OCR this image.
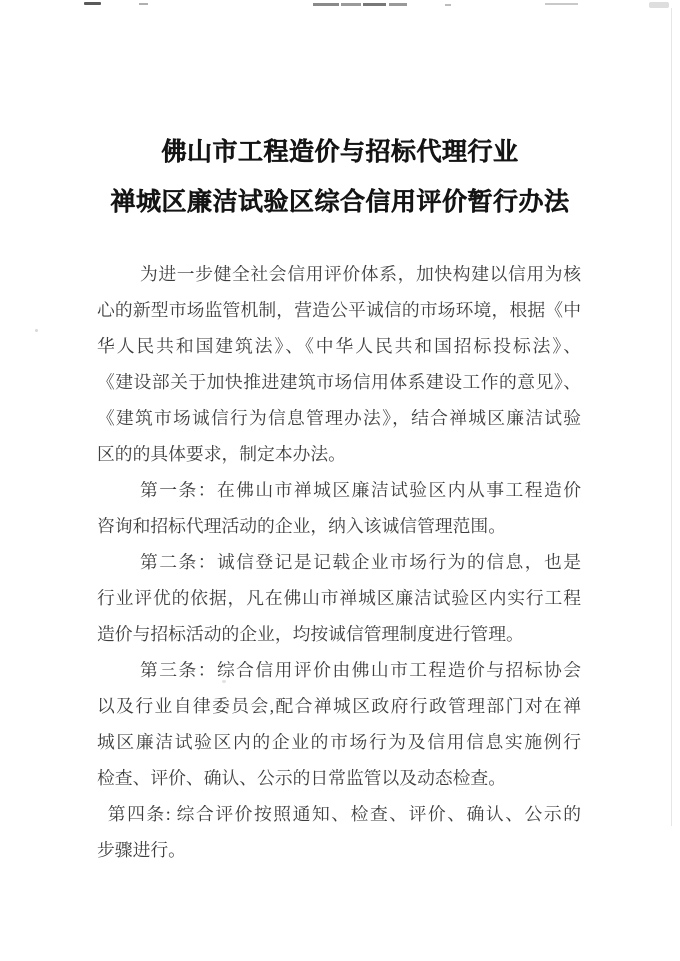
佛山市工程造价与招标代理行业
禅城区廉洁试验区综合信用评价暂行办法
为进一步健全社会信用评价体系，加快构建以信用为核
心的新型市场监管机制，营造公平诚信的市场环境，根据《中
华人民共和国建筑法》、《中华人民共和国招标投标法》、
《建设部关于加快推进建筑市场信用体系建设工作的意见》、
《建筑市场诚信行为信息管理办法》，结合禅城区廉洁试验
区的的具体要求，制定本办法。
第一条：在佛山市禅城区廉洁试验区内从事工程造价
咨询和招标代理活动的企业，纳入该诚信管理范围。
第二条：诚信登记是记载企业市场行为的信息，也是
行业评优的依据，凡在佛山市禅城区廉洁试验区内实行工程
造价与招标活动的企业，均按诚信管理制度进行管理。
第三条：综合信用评价由佛山市工程造价与招标协会
以及行业自律委员会,配合禅城区政府行政管理部门对在禅
城区廉洁试验区内的企业的市场行为及信用信息实施例行
检查、评价、确认、公示的日常监管以及动态检查。
第四条: 综合评价按照通知、检查、评价、确认、公示的
步骤进行。
